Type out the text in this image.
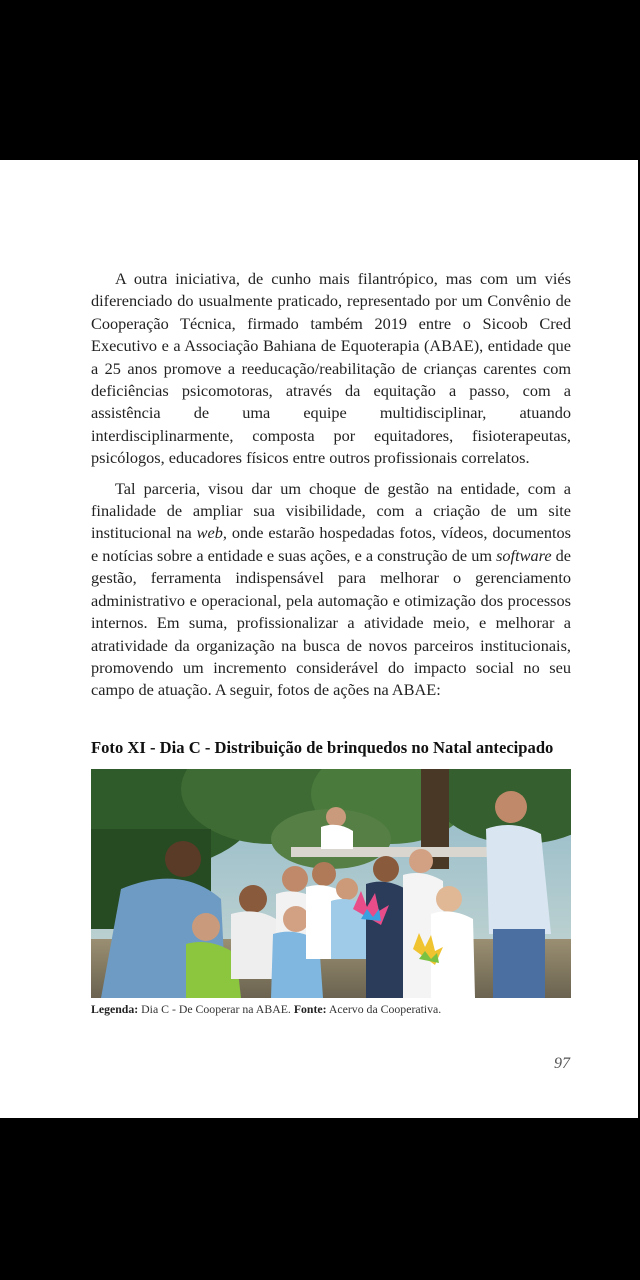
A outra iniciativa, de cunho mais filantrópico, mas com um viés diferenciado do usualmente praticado, representado por um Convênio de Cooperação Técnica, firmado também 2019 entre o Sicoob Cred Executivo e a Associação Bahiana de Equoterapia (ABAE), entidade que a 25 anos promove a reeducação/reabilitação de crianças carentes com deficiências psicomotoras, através da equitação a passo, com a assistência de uma equipe multidisciplinar, atuando interdisciplinarmente, composta por equitadores, fisioterapeutas, psicólogos, educadores físicos entre outros profissionais correlatos.

Tal parceria, visou dar um choque de gestão na entidade, com a finalidade de ampliar sua visibilidade, com a criação de um site institucional na web, onde estarão hospedadas fotos, vídeos, documentos e notícias sobre a entidade e suas ações, e a construção de um software de gestão, ferramenta indispensável para melhorar o gerenciamento administrativo e operacional, pela automação e otimização dos processos internos. Em suma, profissionalizar a atividade meio, e melhorar a atratividade da organização na busca de novos parceiros institucionais, promovendo um incremento considerável do impacto social no seu campo de atuação. A seguir, fotos de ações na ABAE:

Foto XI - Dia C - Distribuição de brinquedos no Natal antecipado
Legenda: Dia C - De Cooperar na ABAE. Fonte: Acervo da Cooperativa.
97
